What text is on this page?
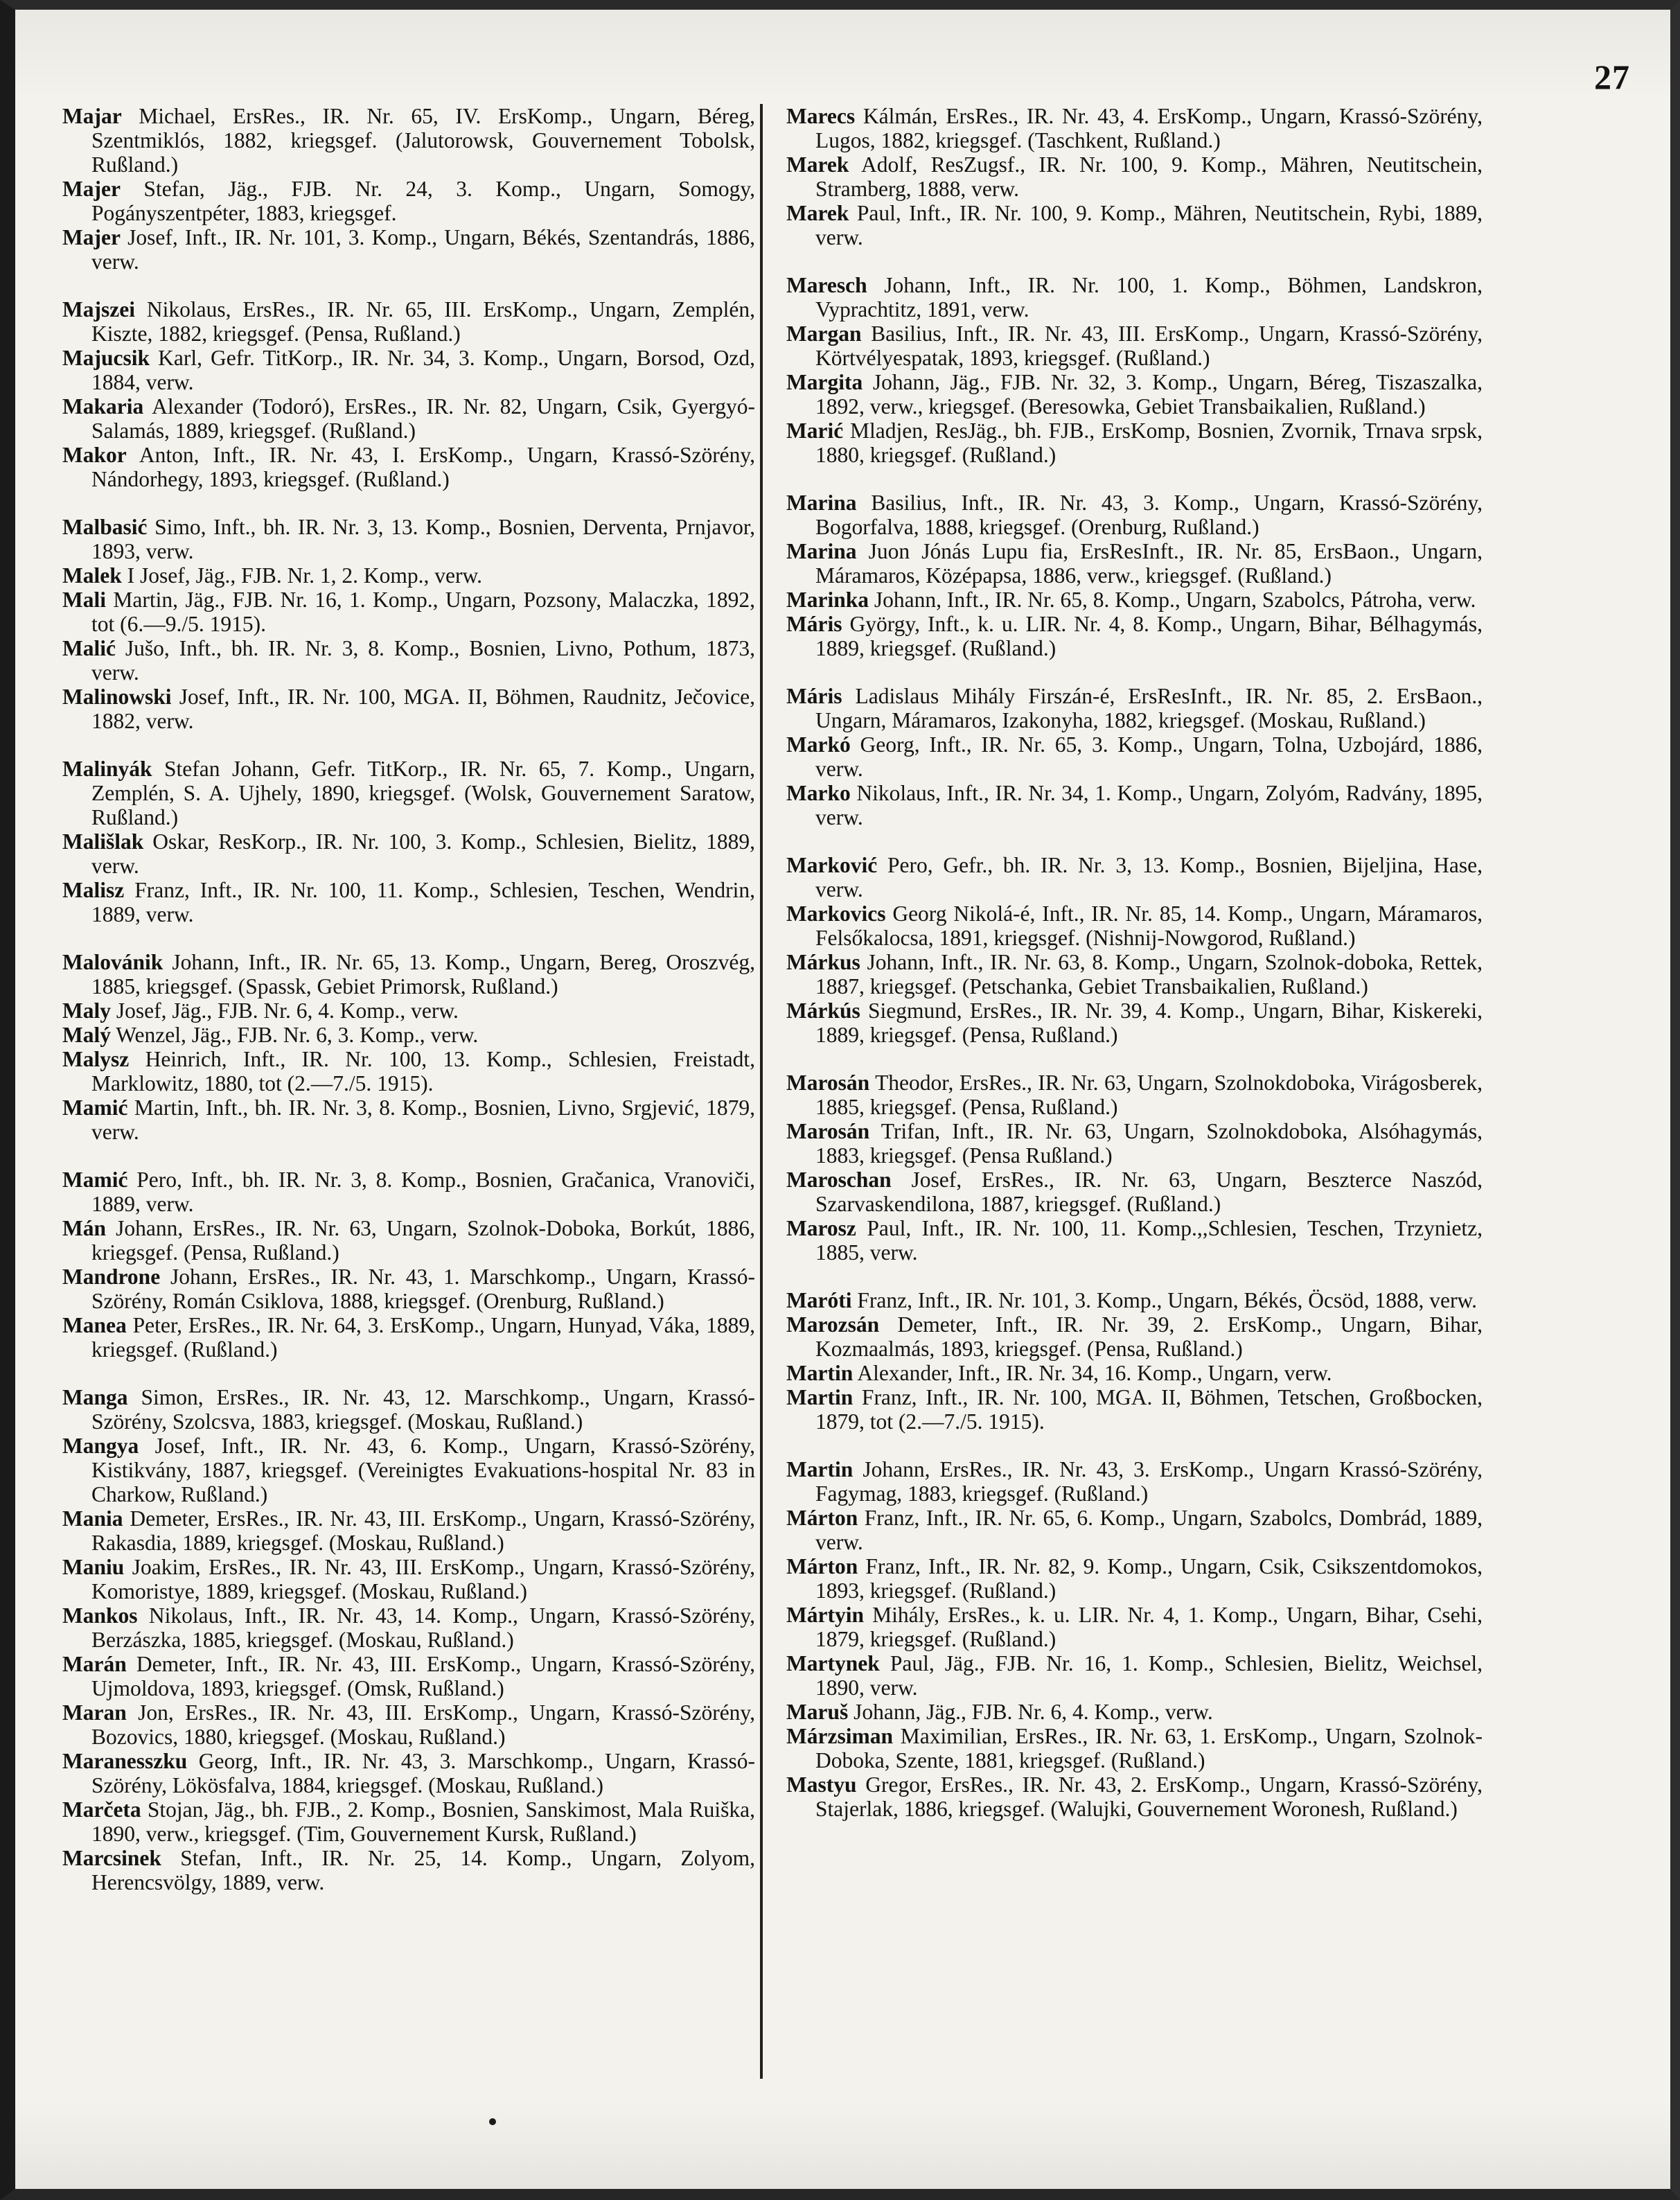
27

Majar Michael, ErsRes., IR. Nr. 65, IV. ErsKomp., Ungarn, Béreg, Szentmiklós, 1882, kriegsgef. (Jalutorowsk, Gouvernement Tobolsk, Rußland.)

Majer Stefan, Jäg., FJB. Nr. 24, 3. Komp., Ungarn, Somogy, Pogányszentpéter, 1883, kriegsgef.

Majer Josef, Inft., IR. Nr. 101, 3. Komp., Ungarn, Békés, Szentandrás, 1886, verw.

Majszei Nikolaus, ErsRes., IR. Nr. 65, III. ErsKomp., Ungarn, Zemplén, Kiszte, 1882, kriegsgef. (Pensa, Rußland.)

Majucsik Karl, Gefr. TitKorp., IR. Nr. 34, 3. Komp., Ungarn, Borsod, Ozd, 1884, verw.

Makaria Alexander (Todoró), ErsRes., IR. Nr. 82, Ungarn, Csik, Gyergyó-Salamás, 1889, kriegsgef. (Rußland.)

Makor Anton, Inft., IR. Nr. 43, I. ErsKomp., Ungarn, Krassó-Szörény, Nándorhegy, 1893, kriegsgef. (Rußland.)

Malbasić Simo, Inft., bh. IR. Nr. 3, 13. Komp., Bosnien, Derventa, Prnjavor, 1893, verw.

Malek I Josef, Jäg., FJB. Nr. 1, 2. Komp., verw.

Mali Martin, Jäg., FJB. Nr. 16, 1. Komp., Ungarn, Pozsony, Malaczka, 1892, tot (6.—9./5. 1915).

Malić Jušo, Inft., bh. IR. Nr. 3, 8. Komp., Bosnien, Livno, Pothum, 1873, verw.

Malinowski Josef, Inft., IR. Nr. 100, MGA. II, Böhmen, Raudnitz, Ječovice, 1882, verw.

Malinyák Stefan Johann, Gefr. TitKorp., IR. Nr. 65, 7. Komp., Ungarn, Zemplén, S. A. Ujhely, 1890, kriegsgef. (Wolsk, Gouvernement Saratow, Rußland.)

Mališlak Oskar, ResKorp., IR. Nr. 100, 3. Komp., Schlesien, Bielitz, 1889, verw.

Malisz Franz, Inft., IR. Nr. 100, 11. Komp., Schlesien, Teschen, Wendrin, 1889, verw.

Malovánik Johann, Inft., IR. Nr. 65, 13. Komp., Ungarn, Bereg, Oroszvég, 1885, kriegsgef. (Spassk, Gebiet Primorsk, Rußland.)

Maly Josef, Jäg., FJB. Nr. 6, 4. Komp., verw.

Malý Wenzel, Jäg., FJB. Nr. 6, 3. Komp., verw.

Malysz Heinrich, Inft., IR. Nr. 100, 13. Komp., Schlesien, Freistadt, Marklowitz, 1880, tot (2.—7./5. 1915).

Mamić Martin, Inft., bh. IR. Nr. 3, 8. Komp., Bosnien, Livno, Srgjević, 1879, verw.

Mamić Pero, Inft., bh. IR. Nr. 3, 8. Komp., Bosnien, Gračanica, Vranoviči, 1889, verw.

Mán Johann, ErsRes., IR. Nr. 63, Ungarn, Szolnok-Doboka, Borkút, 1886, kriegsgef. (Pensa, Rußland.)

Mandrone Johann, ErsRes., IR. Nr. 43, 1. Marschkomp., Ungarn, Krassó-Szörény, Román Csiklova, 1888, kriegsgef. (Orenburg, Rußland.)

Manea Peter, ErsRes., IR. Nr. 64, 3. ErsKomp., Ungarn, Hunyad, Váka, 1889, kriegsgef. (Rußland.)

Manga Simon, ErsRes., IR. Nr. 43, 12. Marschkomp., Ungarn, Krassó-Szörény, Szolcsva, 1883, kriegsgef. (Moskau, Rußland.)

Mangya Josef, Inft., IR. Nr. 43, 6. Komp., Ungarn, Krassó-Szörény, Kistikvány, 1887, kriegsgef. (Vereinigtes Evakuations-hospital Nr. 83 in Charkow, Rußland.)

Mania Demeter, ErsRes., IR. Nr. 43, III. ErsKomp., Ungarn, Krassó-Szörény, Rakasdia, 1889, kriegsgef. (Moskau, Rußland.)

Maniu Joakim, ErsRes., IR. Nr. 43, III. ErsKomp., Ungarn, Krassó-Szörény, Komoristye, 1889, kriegsgef. (Moskau, Rußland.)

Mankos Nikolaus, Inft., IR. Nr. 43, 14. Komp., Ungarn, Krassó-Szörény, Berzászka, 1885, kriegsgef. (Moskau, Rußland.)

Marán Demeter, Inft., IR. Nr. 43, III. ErsKomp., Ungarn, Krassó-Szörény, Ujmoldova, 1893, kriegsgef. (Omsk, Rußland.)

Maran Jon, ErsRes., IR. Nr. 43, III. ErsKomp., Ungarn, Krassó-Szörény, Bozovics, 1880, kriegsgef. (Moskau, Rußland.)

Maranesszku Georg, Inft., IR. Nr. 43, 3. Marschkomp., Ungarn, Krassó-Szörény, Lökösfalva, 1884, kriegsgef. (Moskau, Rußland.)

Marčeta Stojan, Jäg., bh. FJB., 2. Komp., Bosnien, Sanskimost, Mala Ruiška, 1890, verw., kriegsgef. (Tim, Gouvernement Kursk, Rußland.)

Marcsinek Stefan, Inft., IR. Nr. 25, 14. Komp., Ungarn, Zolyom, Herencsvölgy, 1889, verw.

Marecs Kálmán, ErsRes., IR. Nr. 43, 4. ErsKomp., Ungarn, Krassó-Szörény, Lugos, 1882, kriegsgef. (Taschkent, Rußland.)

Marek Adolf, ResZugsf., IR. Nr. 100, 9. Komp., Mähren, Neutitschein, Stramberg, 1888, verw.

Marek Paul, Inft., IR. Nr. 100, 9. Komp., Mähren, Neutitschein, Rybi, 1889, verw.

Maresch Johann, Inft., IR. Nr. 100, 1. Komp., Böhmen, Landskron, Vyprachtitz, 1891, verw.

Margan Basilius, Inft., IR. Nr. 43, III. ErsKomp., Ungarn, Krassó-Szörény, Körtvélyespatak, 1893, kriegsgef. (Rußland.)

Margita Johann, Jäg., FJB. Nr. 32, 3. Komp., Ungarn, Béreg, Tiszaszalka, 1892, verw., kriegsgef. (Beresowka, Gebiet Transbaikalien, Rußland.)

Marić Mladjen, ResJäg., bh. FJB., ErsKomp, Bosnien, Zvornik, Trnava srpsk, 1880, kriegsgef. (Rußland.)

Marina Basilius, Inft., IR. Nr. 43, 3. Komp., Ungarn, Krassó-Szörény, Bogorfalva, 1888, kriegsgef. (Orenburg, Rußland.)

Marina Juon Jónás Lupu fia, ErsResInft., IR. Nr. 85, ErsBaon., Ungarn, Máramaros, Középapsa, 1886, verw., kriegsgef. (Rußland.)

Marinka Johann, Inft., IR. Nr. 65, 8. Komp., Ungarn, Szabolcs, Pátroha, verw.

Máris György, Inft., k. u. LIR. Nr. 4, 8. Komp., Ungarn, Bihar, Bélhagymás, 1889, kriegsgef. (Rußland.)

Máris Ladislaus Mihály Firszán-é, ErsResInft., IR. Nr. 85, 2. ErsBaon., Ungarn, Máramaros, Izakonyha, 1882, kriegsgef. (Moskau, Rußland.)

Markó Georg, Inft., IR. Nr. 65, 3. Komp., Ungarn, Tolna, Uzbojárd, 1886, verw.

Marko Nikolaus, Inft., IR. Nr. 34, 1. Komp., Ungarn, Zolyóm, Radvány, 1895, verw.

Marković Pero, Gefr., bh. IR. Nr. 3, 13. Komp., Bosnien, Bijeljina, Hase, verw.

Markovics Georg Nikolá-é, Inft., IR. Nr. 85, 14. Komp., Ungarn, Máramaros, Felsőkalocsa, 1891, kriegsgef. (Nishnij-Nowgorod, Rußland.)

Márkus Johann, Inft., IR. Nr. 63, 8. Komp., Ungarn, Szolnok-doboka, Rettek, 1887, kriegsgef. (Petschanka, Gebiet Transbaikalien, Rußland.)

Márkús Siegmund, ErsRes., IR. Nr. 39, 4. Komp., Ungarn, Bihar, Kiskereki, 1889, kriegsgef. (Pensa, Rußland.)

Marosán Theodor, ErsRes., IR. Nr. 63, Ungarn, Szolnokdoboka, Virágosberek, 1885, kriegsgef. (Pensa, Rußland.)

Marosán Trifan, Inft., IR. Nr. 63, Ungarn, Szolnokdoboka, Alsóhagymás, 1883, kriegsgef. (Pensa Rußland.)

Maroschan Josef, ErsRes., IR. Nr. 63, Ungarn, Beszterce Naszód, Szarvaskendilona, 1887, kriegsgef. (Rußland.)

Marosz Paul, Inft., IR. Nr. 100, 11. Komp.,,Schlesien, Teschen, Trzynietz, 1885, verw.

Maróti Franz, Inft., IR. Nr. 101, 3. Komp., Ungarn, Békés, Öcsöd, 1888, verw.

Marozsán Demeter, Inft., IR. Nr. 39, 2. ErsKomp., Ungarn, Bihar, Kozmaalmás, 1893, kriegsgef. (Pensa, Rußland.)

Martin Alexander, Inft., IR. Nr. 34, 16. Komp., Ungarn, verw.

Martin Franz, Inft., IR. Nr. 100, MGA. II, Böhmen, Tetschen, Großbocken, 1879, tot (2.—7./5. 1915).

Martin Johann, ErsRes., IR. Nr. 43, 3. ErsKomp., Ungarn Krassó-Szörény, Fagymag, 1883, kriegsgef. (Rußland.)

Márton Franz, Inft., IR. Nr. 65, 6. Komp., Ungarn, Szabolcs, Dombrád, 1889, verw.

Márton Franz, Inft., IR. Nr. 82, 9. Komp., Ungarn, Csik, Csikszentdomokos, 1893, kriegsgef. (Rußland.)

Mártyin Mihály, ErsRes., k. u. LIR. Nr. 4, 1. Komp., Ungarn, Bihar, Csehi, 1879, kriegsgef. (Rußland.)

Martynek Paul, Jäg., FJB. Nr. 16, 1. Komp., Schlesien, Bielitz, Weichsel, 1890, verw.

Maruš Johann, Jäg., FJB. Nr. 6, 4. Komp., verw.

Márzsiman Maximilian, ErsRes., IR. Nr. 63, 1. ErsKomp., Ungarn, Szolnok-Doboka, Szente, 1881, kriegsgef. (Rußland.)

Mastyu Gregor, ErsRes., IR. Nr. 43, 2. ErsKomp., Ungarn, Krassó-Szörény, Stajerlak, 1886, kriegsgef. (Walujki, Gouvernement Woronesh, Rußland.)
